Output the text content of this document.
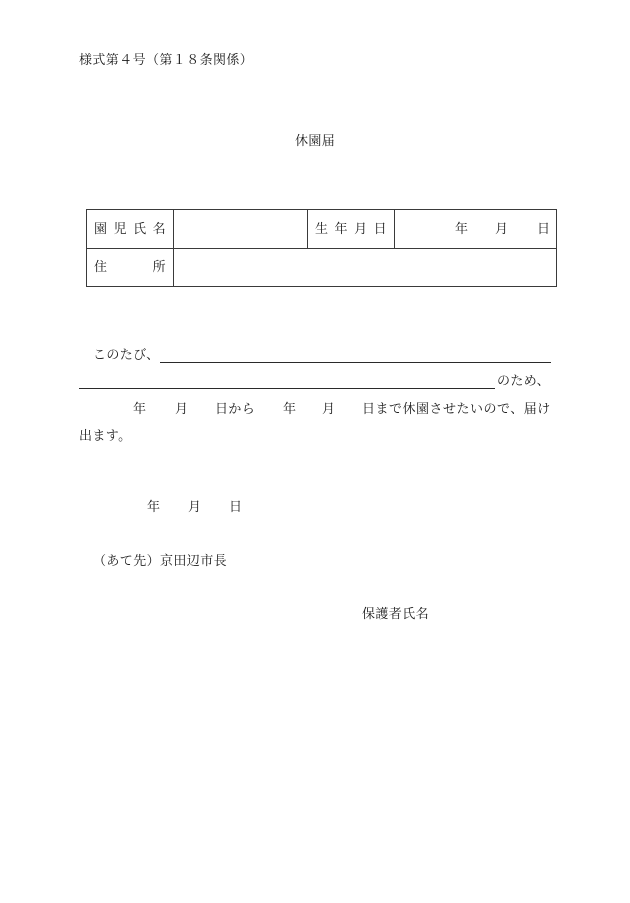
様式第４号（第１８条関係）
休園届
園 児 氏 名	生 年 月 日	年 月 日
住　　　所
このたび、
のため、
年 月 日から 年 月 日まで休園させたいので、届け
出ます。
年 月 日
（あて先）京田辺市長
保護者氏名
